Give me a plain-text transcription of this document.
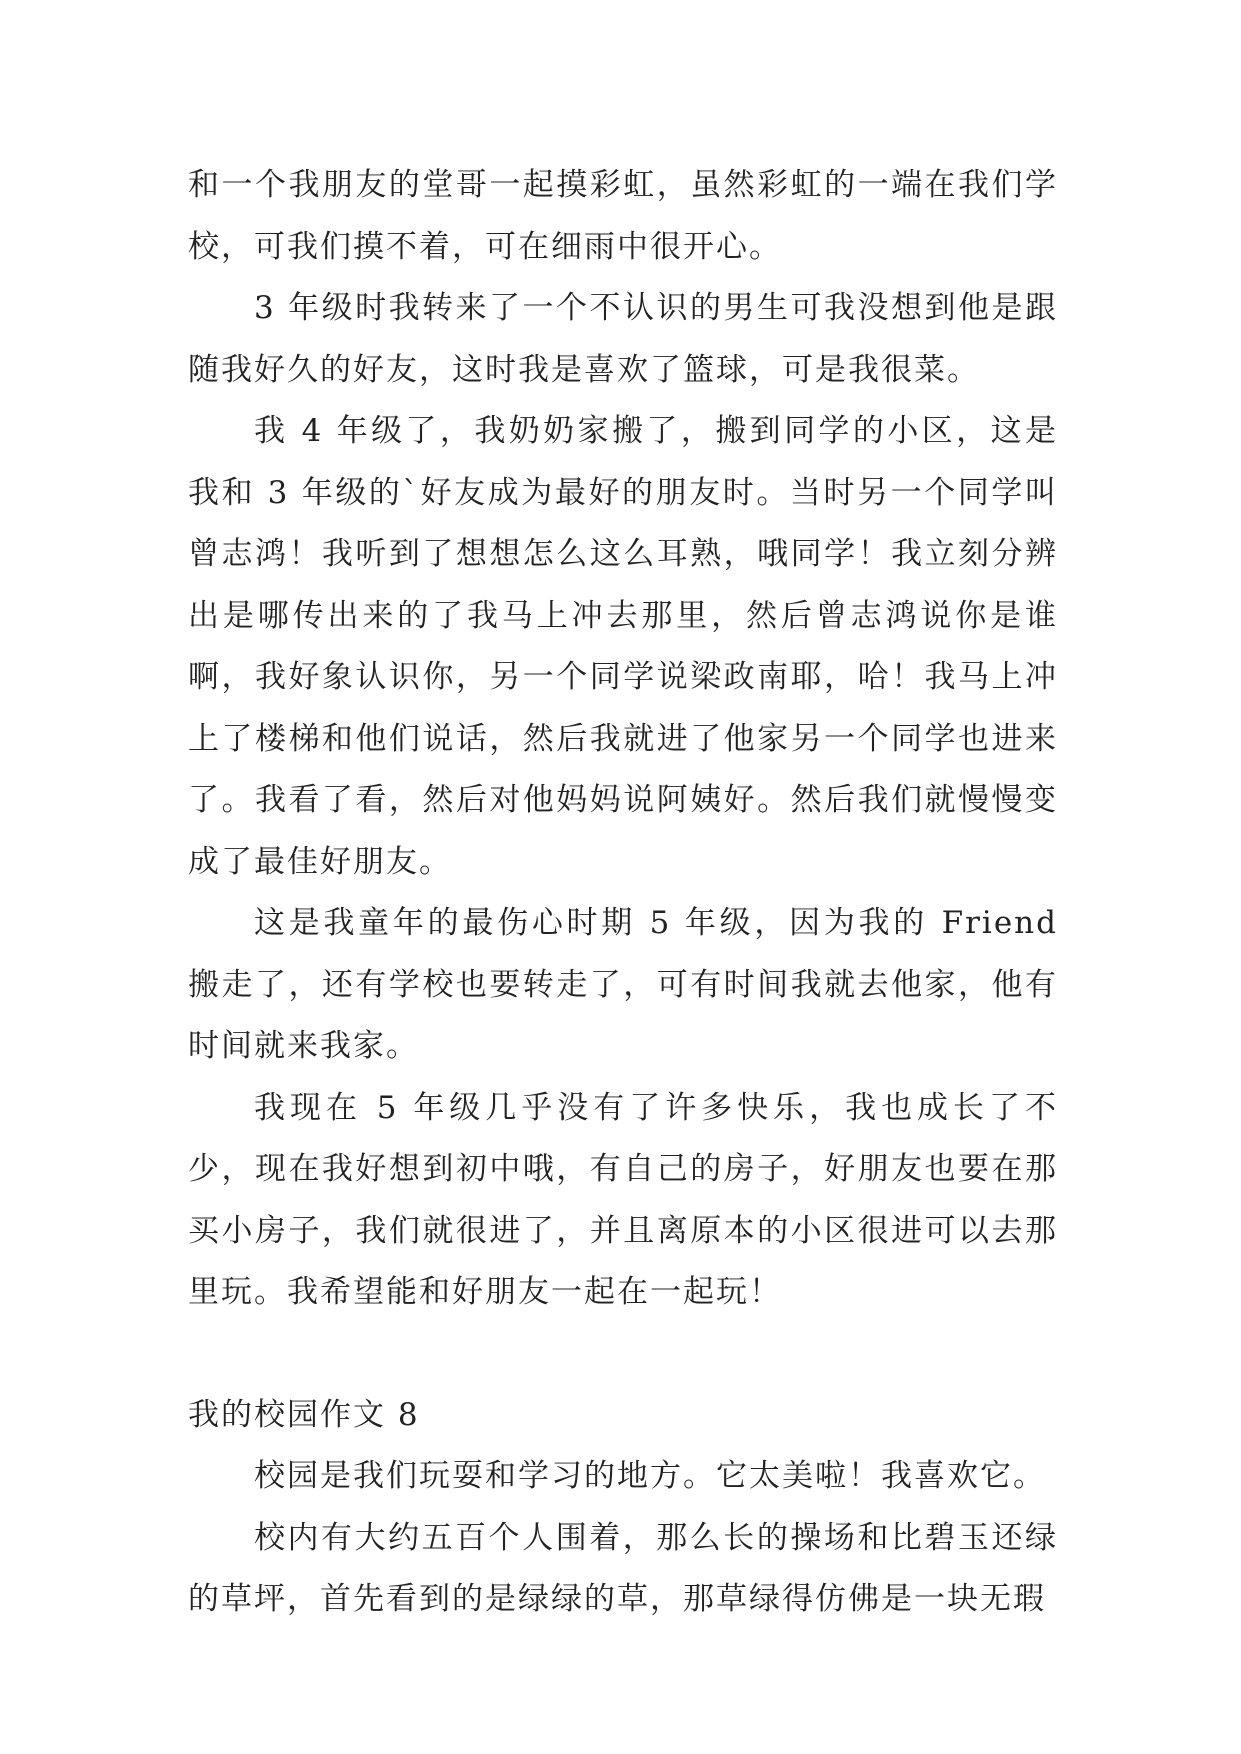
和一个我朋友的堂哥一起摸彩虹，虽然彩虹的一端在我们学校，可我们摸不着，可在细雨中很开心。

3 年级时我转来了一个不认识的男生可我没想到他是跟随我好久的好友，这时我是喜欢了篮球，可是我很菜。

我 4 年级了，我奶奶家搬了，搬到同学的小区，这是我和 3 年级的`好友成为最好的朋友时。当时另一个同学叫曾志鸿！我听到了想想怎么这么耳熟，哦同学！我立刻分辨出是哪传出来的了我马上冲去那里，然后曾志鸿说你是谁啊，我好象认识你，另一个同学说梁政南耶，哈！我马上冲上了楼梯和他们说话，然后我就进了他家另一个同学也进来了。我看了看，然后对他妈妈说阿姨好。然后我们就慢慢变成了最佳好朋友。

这是我童年的最伤心时期 5 年级，因为我的 Friend 搬走了，还有学校也要转走了，可有时间我就去他家，他有时间就来我家。

我现在 5 年级几乎没有了许多快乐，我也成长了不少，现在我好想到初中哦，有自己的房子，好朋友也要在那买小房子，我们就很进了，并且离原本的小区很进可以去那里玩。我希望能和好朋友一起在一起玩！

我的校园作文 8

校园是我们玩耍和学习的地方。它太美啦！我喜欢它。

校内有大约五百个人围着，那么长的操场和比碧玉还绿的草坪，首先看到的是绿绿的草，那草绿得仿佛是一块无瑕
